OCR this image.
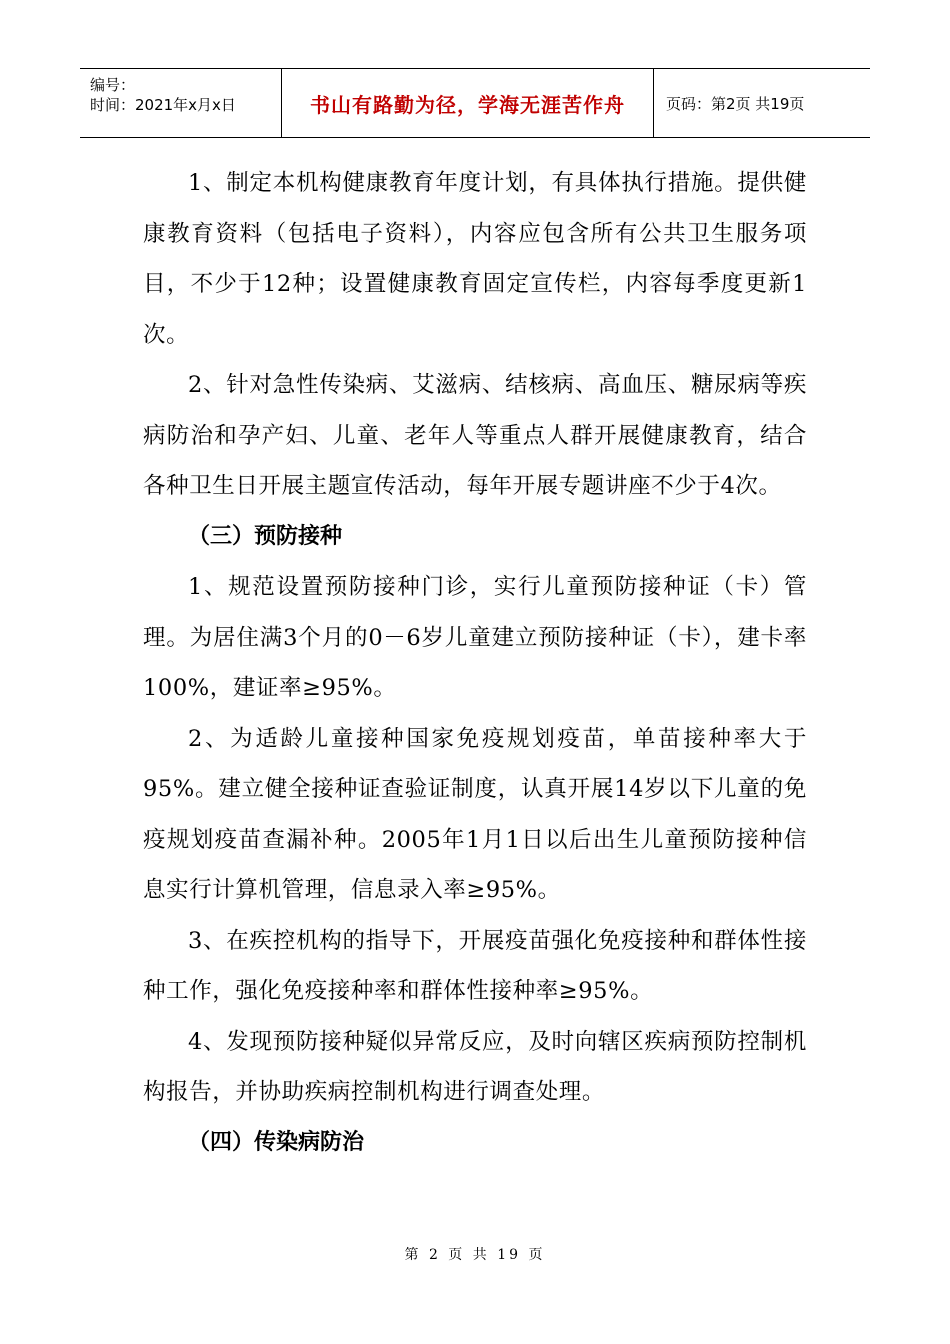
编号：
时间：2021年x月x日	书山有路勤为径，学海无涯苦作舟	页码：第2页 共19页

1、制定本机构健康教育年度计划，有具体执行措施。提供健康教育资料（包括电子资料），内容应包含所有公共卫生服务项目，不少于12种；设置健康教育固定宣传栏，内容每季度更新1次。

2、针对急性传染病、艾滋病、结核病、高血压、糖尿病等疾病防治和孕产妇、儿童、老年人等重点人群开展健康教育，结合各种卫生日开展主题宣传活动，每年开展专题讲座不少于4次。

（三）预防接种

1、规范设置预防接种门诊，实行儿童预防接种证（卡）管理。为居住满3个月的0－6岁儿童建立预防接种证（卡），建卡率100%，建证率≥95%。

2、为适龄儿童接种国家免疫规划疫苗，单苗接种率大于95%。建立健全接种证查验证制度，认真开展14岁以下儿童的免疫规划疫苗查漏补种。2005年1月1日以后出生儿童预防接种信息实行计算机管理，信息录入率≥95%。

3、在疾控机构的指导下，开展疫苗强化免疫接种和群体性接种工作，强化免疫接种率和群体性接种率≥95%。

4、发现预防接种疑似异常反应，及时向辖区疾病预防控制机构报告，并协助疾病控制机构进行调查处理。

（四）传染病防治

第 2 页 共 19 页
